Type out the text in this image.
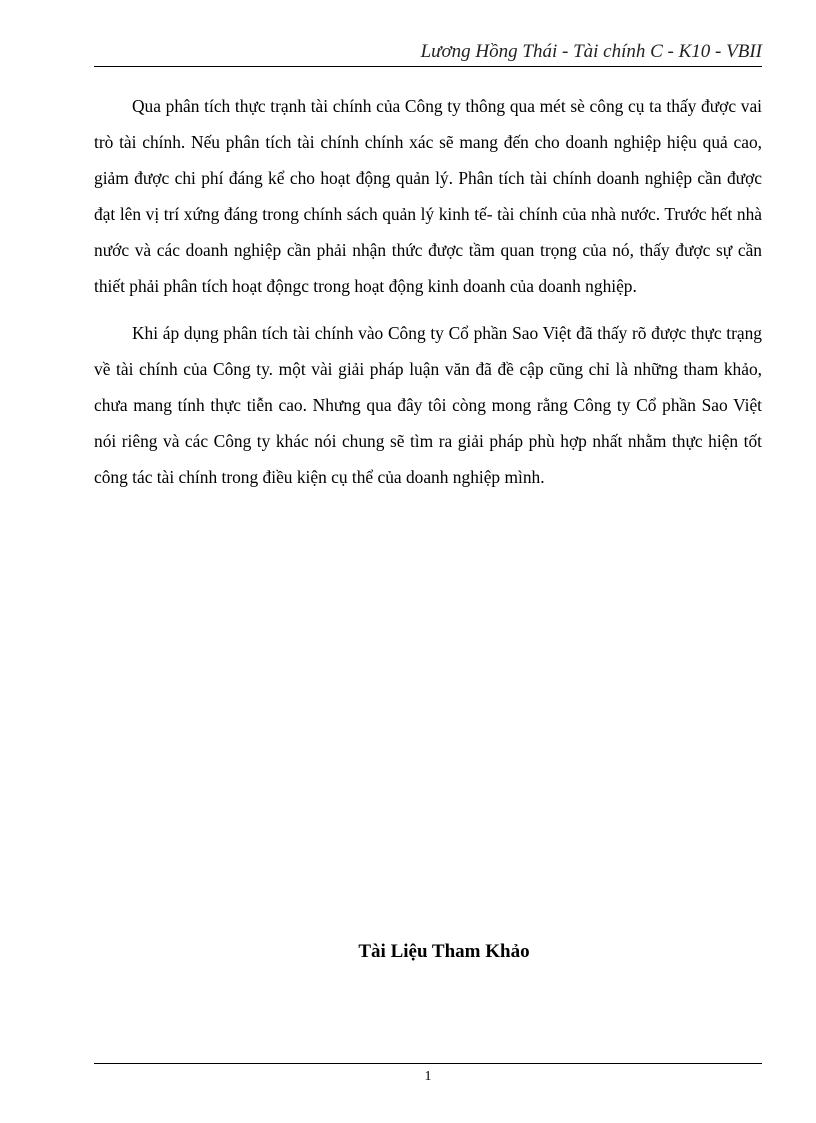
Lương Hồng Thái - Tài chính C - K10 - VBII

Qua phân tích thực trạnh tài chính của Công ty thông qua mét sè công cụ ta thấy được vai trò tài chính. Nếu phân tích tài chính chính xác sẽ mang đến cho doanh nghiệp hiệu quả cao, giảm được chi phí đáng kể cho hoạt động quản lý. Phân tích tài chính doanh nghiệp cần được đạt lên vị trí xứng đáng trong chính sách quản lý kinh tế- tài chính của nhà nước. Trước hết nhà nước và các doanh nghiệp cần phải nhận thức được tầm quan trọng của nó, thấy được sự cần thiết phải phân tích hoạt độngc trong hoạt động kinh doanh của doanh nghiệp.

Khi áp dụng phân tích tài chính vào Công ty Cổ phần Sao Việt đã thấy rõ được thực trạng về tài chính của Công ty. một vài giải pháp luận văn đã đề cập cũng chỉ là những tham khảo, chưa mang tính thực tiễn cao. Nhưng qua đây tôi còng mong rằng Công ty Cổ phần Sao Việt nói riêng và các Công ty khác nói chung sẽ tìm ra giải pháp phù hợp nhất nhằm thực hiện tốt công tác tài chính trong điều kiện cụ thể của doanh nghiệp mình.

Tài Liệu Tham Khảo
1
